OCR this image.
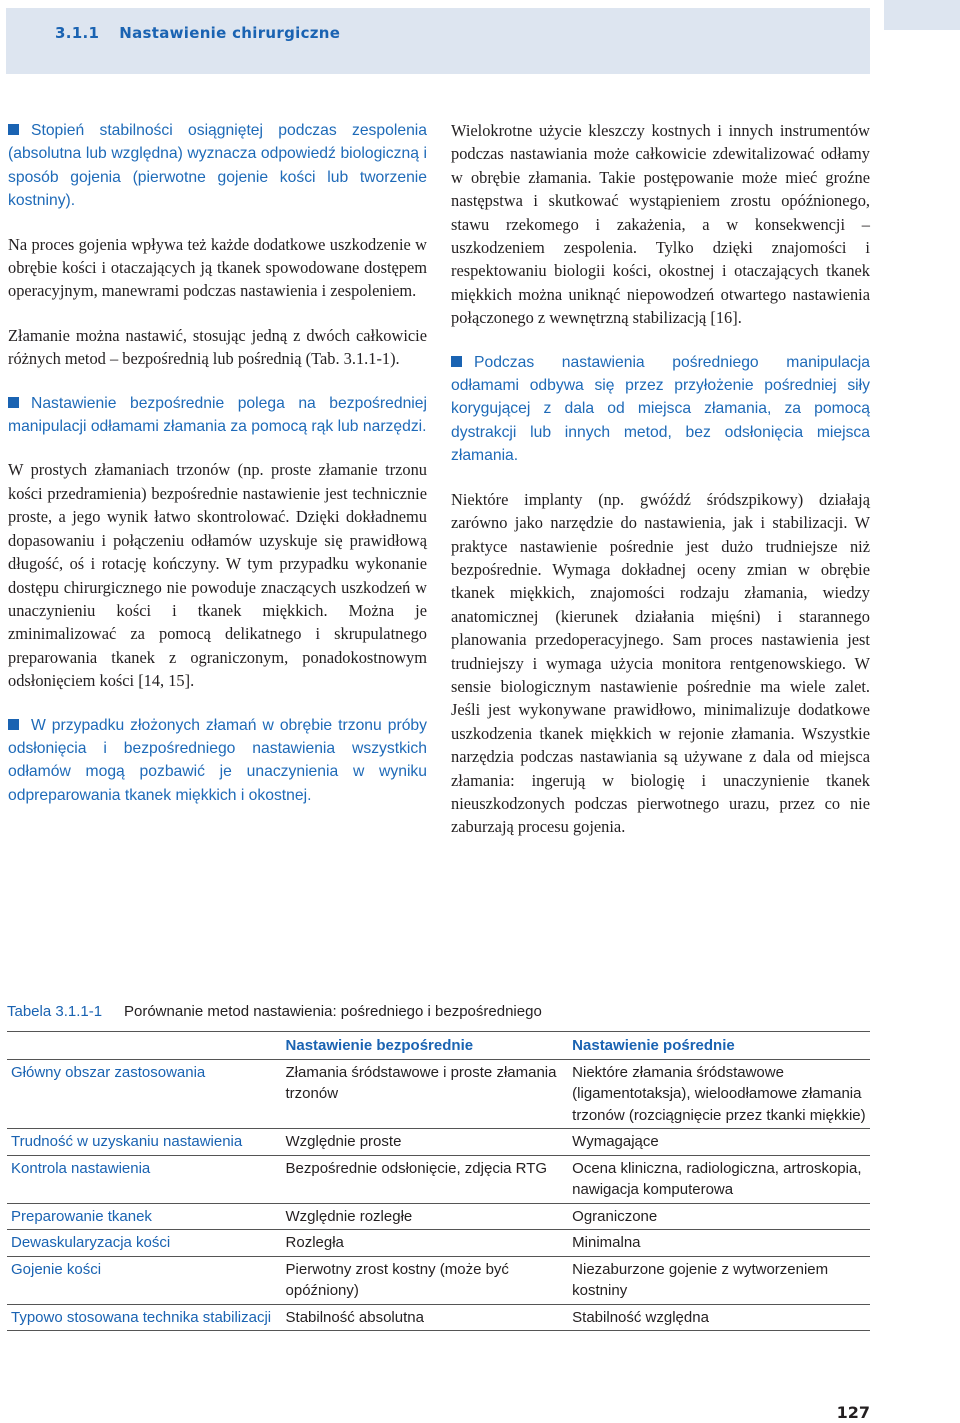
3.1.1 Nastawienie chirurgiczne

Stopień stabilności osiągniętej podczas zespolenia (absolutna lub względna) wyznacza odpowiedź biologiczną i sposób gojenia (pierwotne gojenie kości lub tworzenie kostniny).

Na proces gojenia wpływa też każde dodatkowe uszkodzenie w obrębie kości i otaczających ją tkanek spowodowane dostępem operacyjnym, manewrami podczas nastawienia i zespoleniem.

Złamanie można nastawić, stosując jedną z dwóch całkowicie różnych metod – bezpośrednią lub pośrednią (Tab. 3.1.1-1).

Nastawienie bezpośrednie polega na bezpośredniej manipulacji odłamami złamania za pomocą rąk lub narzędzi.

W prostych złamaniach trzonów (np. proste złamanie trzonu kości przedramienia) bezpośrednie nastawienie jest technicznie proste, a jego wynik łatwo skontrolować. Dzięki dokładnemu dopasowaniu i połączeniu odłamów uzyskuje się prawidłową długość, oś i rotację kończyny. W tym przypadku wykonanie dostępu chirurgicznego nie powoduje znaczących uszkodzeń w unaczynieniu kości i tkanek miękkich. Można je zminimalizować za pomocą delikatnego i skrupulatnego preparowania tkanek z ograniczonym, ponadokostnowym odsłonięciem kości [14, 15].

W przypadku złożonych złamań w obrębie trzonu próby odsłonięcia i bezpośredniego nastawienia wszystkich odłamów mogą pozbawić je unaczynienia w wyniku odpreparowania tkanek miękkich i okostnej.

Wielokrotne użycie kleszczy kostnych i innych instrumentów podczas nastawiania może całkowicie zdewitalizować odłamy w obrębie złamania. Takie postępowanie może mieć groźne następstwa i skutkować wystąpieniem zrostu opóźnionego, stawu rzekomego i zakażenia, a w konsekwencji – uszkodzeniem zespolenia. Tylko dzięki znajomości i respektowaniu biologii kości, okostnej i otaczających tkanek miękkich można uniknąć niepowodzeń otwartego nastawienia połączonego z wewnętrzną stabilizacją [16].

Podczas nastawienia pośredniego manipulacja odłamami odbywa się przez przyłożenie pośredniej siły korygującej z dala od miejsca złamania, za pomocą dystrakcji lub innych metod, bez odsłonięcia miejsca złamania.

Niektóre implanty (np. gwóźdź śródszpikowy) działają zarówno jako narzędzie do nastawienia, jak i stabilizacji. W praktyce nastawienie pośrednie jest dużo trudniejsze niż bezpośrednie. Wymaga dokładnej oceny zmian w obrębie tkanek miękkich, znajomości rodzaju złamania, wiedzy anatomicznej (kierunek działania mięśni) i starannego planowania przedoperacyjnego. Sam proces nastawienia jest trudniejszy i wymaga użycia monitora rentgenowskiego. W sensie biologicznym nastawienie pośrednie ma wiele zalet. Jeśli jest wykonywane prawidłowo, minimalizuje dodatkowe uszkodzenia tkanek miękkich w rejonie złamania. Wszystkie narzędzia podczas nastawiania są używane z dala od miejsca złamania: ingerują w biologię i unaczynienie tkanek nieuszkodzonych podczas pierwotnego urazu, przez co nie zaburzają procesu gojenia.

Tabela 3.1.1-1 Porównanie metod nastawienia: pośredniego i bezpośredniego
	Nastawienie bezpośrednie	Nastawienie pośrednie
Główny obszar zastosowania	Złamania śródstawowe i proste złamania trzonów	Niektóre złamania śródstawowe (ligamentotaksja), wieloodłamowe złamania trzonów (rozciągnięcie przez tkanki miękkie)
Trudność w uzyskaniu nastawienia	Względnie proste	Wymagające
Kontrola nastawienia	Bezpośrednie odsłonięcie, zdjęcia RTG	Ocena kliniczna, radiologiczna, artroskopia, nawigacja komputerowa
Preparowanie tkanek	Względnie rozległe	Ograniczone
Dewaskularyzacja kości	Rozległa	Minimalna
Gojenie kości	Pierwotny zrost kostny (może być opóźniony)	Niezaburzone gojenie z wytworzeniem kostniny
Typowo stosowana technika stabilizacji	Stabilność absolutna	Stabilność względna
127
